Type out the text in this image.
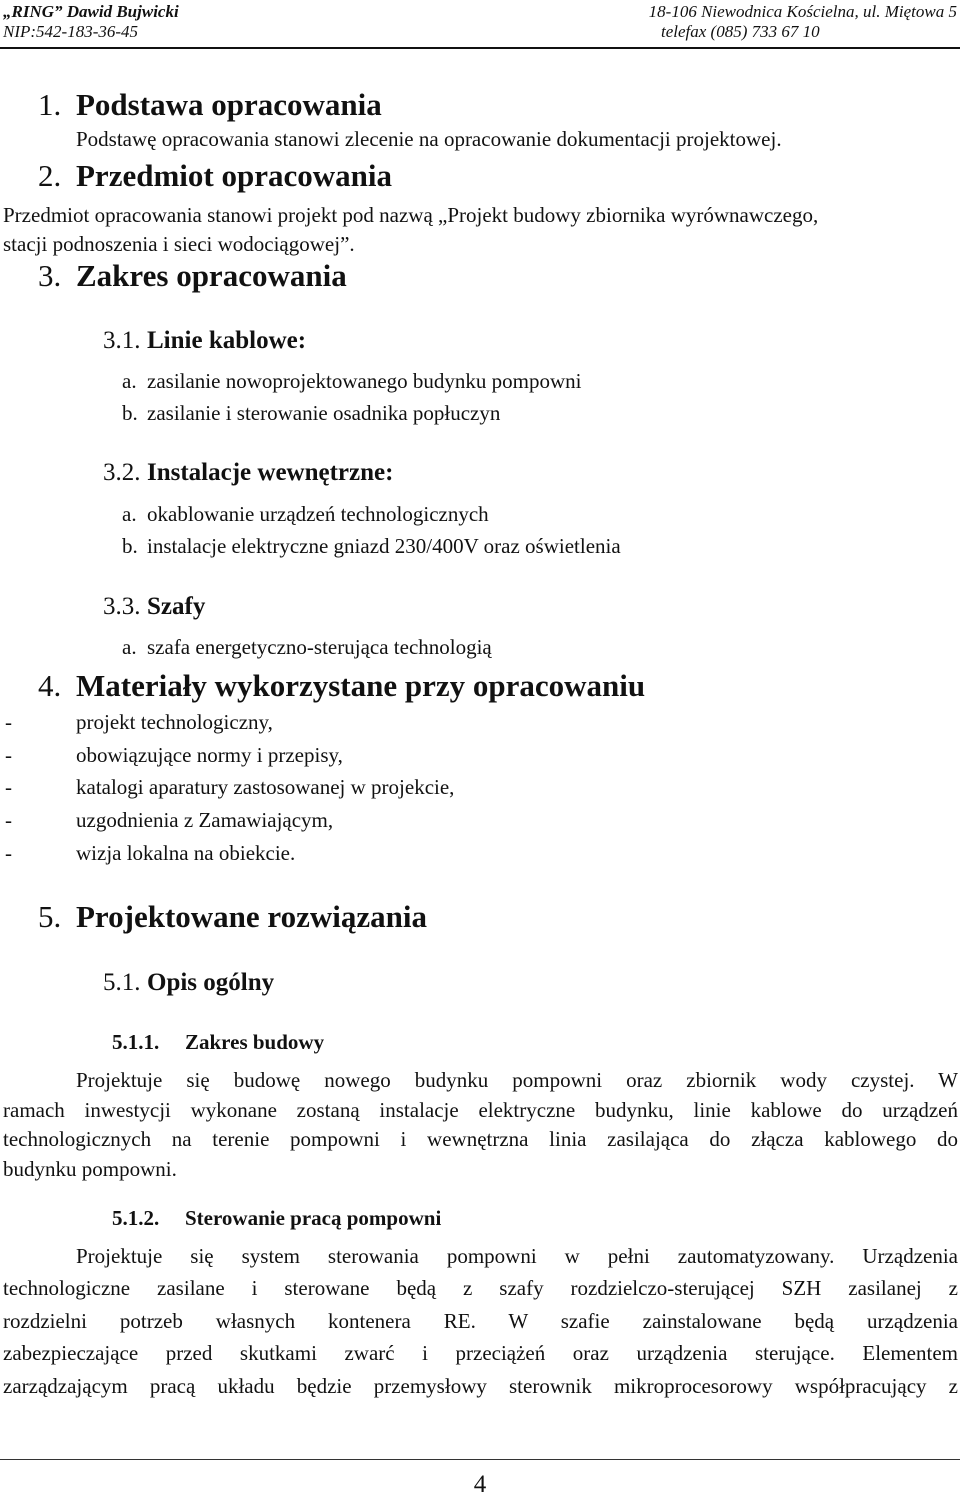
„RING” Dawid Bujwicki
NIP:542-183-36-45
18-106 Niewodnica Kościelna, ul. Miętowa 5
telefax (085) 733 67 10
1. Podstawa opracowania
Podstawę opracowania stanowi zlecenie na opracowanie dokumentacji projektowej.
2. Przedmiot opracowania
Przedmiot opracowania stanowi projekt pod nazwą „Projekt budowy zbiornika wyrównawczego,
stacji podnoszenia i sieci wodociągowej”.
3. Zakres opracowania
3.1. Linie kablowe:
a. zasilanie nowoprojektowanego budynku pompowni
b. zasilanie i sterowanie osadnika popłuczyn
3.2. Instalacje wewnętrzne:
a. okablowanie urządzeń technologicznych
b. instalacje elektryczne gniazd 230/400V oraz oświetlenia
3.3. Szafy
a. szafa energetyczno-sterująca technologią
4. Materiały wykorzystane przy opracowaniu
-	projekt technologiczny,
-	obowiązujące normy i przepisy,
-	katalogi aparatury zastosowanej w projekcie,
-	uzgodnienia z Zamawiającym,
-	wizja lokalna na obiekcie.
5. Projektowane rozwiązania
5.1. Opis ogólny
5.1.1. Zakres budowy
Projektuje się budowę nowego budynku pompowni oraz zbiornik wody czystej. W
ramach inwestycji wykonane zostaną instalacje elektryczne budynku, linie kablowe do urządzeń
technologicznych na terenie pompowni i wewnętrzna linia zasilająca do złącza kablowego do
budynku pompowni.
5.1.2. Sterowanie pracą pompowni
Projektuje się system sterowania pompowni w pełni zautomatyzowany. Urządzenia
technologiczne zasilane i sterowane będą z szafy rozdzielczo-sterującej SZH zasilanej z
rozdzielni potrzeb własnych kontenera RE. W szafie zainstalowane będą urządzenia
zabezpieczające przed skutkami zwarć i przeciążeń oraz urządzenia sterujące. Elementem
zarządzającym pracą układu będzie przemysłowy sterownik mikroprocesorowy współpracujący z
4
